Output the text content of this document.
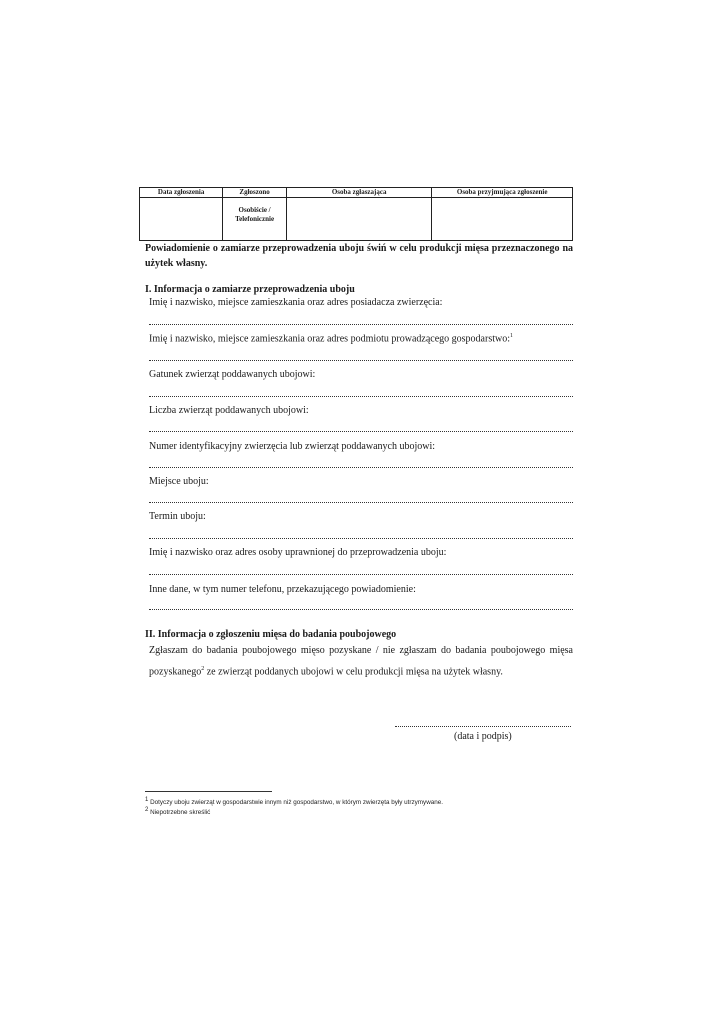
Data zgłoszenia	Zgłoszono	Osoba zgłaszająca	Osoba przyjmująca zgłoszenie

	Osobiście /
Telefonicznie		

Powiadomienie o zamiarze przeprowadzenia uboju świń w celu produkcji mięsa przeznaczonego na użytek własny.
I. Informacja o zamiarze przeprowadzenia uboju
Imię i nazwisko, miejsce zamieszkania oraz adres posiadacza zwierzęcia:
Imię i nazwisko, miejsce zamieszkania oraz adres podmiotu prowadzącego gospodarstwo:$^1$
Gatunek zwierząt poddawanych ubojowi:
Liczba zwierząt poddawanych ubojowi:
Numer identyfikacyjny zwierzęcia lub zwierząt poddawanych ubojowi:
Miejsce uboju:
Termin uboju:
Imię i nazwisko oraz adres osoby uprawnionej do przeprowadzenia uboju:
Inne dane, w tym numer telefonu, przekazującego powiadomienie:
II. Informacja o zgłoszeniu mięsa do badania poubojowego
Zgłaszam do badania poubojowego mięso pozyskane / nie zgłaszam do badania poubojowego mięsa pozyskanego$^2$ ze zwierząt poddanych ubojowi w celu produkcji mięsa na użytek własny.
(data i podpis)
1 Dotyczy uboju zwierząt w gospodarstwie innym niż gospodarstwo, w którym zwierzęta były utrzymywane.
2 Niepotrzebne skreślić
